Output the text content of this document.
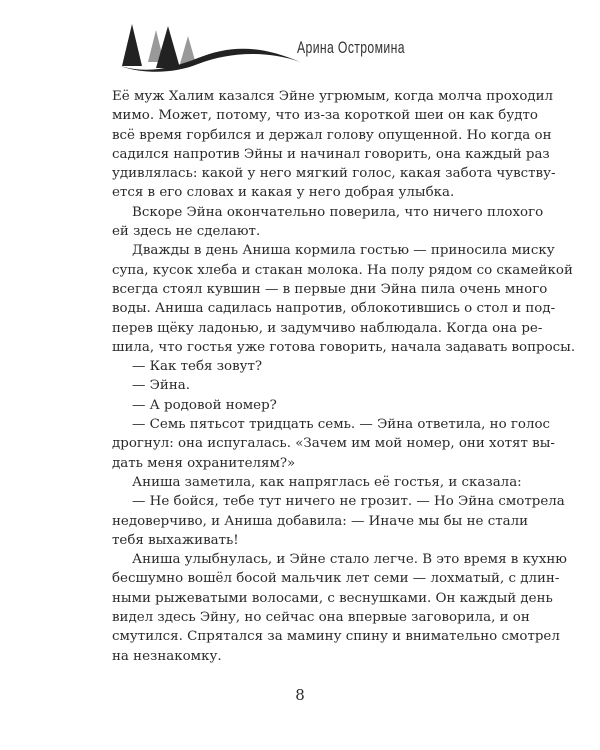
Арина Остромина
Её муж Халим казался Эйне угрюмым, когда молча проходил
мимо. Может, потому, что из-за короткой шеи он как будто
всё время горбился и держал голову опущенной. Но когда он
садился напротив Эйны и начинал говорить, она каждый раз
удивлялась: какой у него мягкий голос, какая забота чувству-
ется в его словах и какая у него добрая улыбка.
Вскоре Эйна окончательно поверила, что ничего плохого
ей здесь не сделают.
Дважды в день Аниша кормила гостью — приносила миску
супа, кусок хлеба и стакан молока. На полу рядом со скамейкой
всегда стоял кувшин — в первые дни Эйна пила очень много
воды. Аниша садилась напротив, облокотившись о стол и под-
перев щёку ладонью, и задумчиво наблюдала. Когда она ре-
шила, что гостья уже готова говорить, начала задавать вопросы.
— Как тебя зовут?
— Эйна.
— А родовой номер?
— Семь пятьсот тридцать семь. — Эйна ответила, но голос
дрогнул: она испугалась. «Зачем им мой номер, они хотят вы-
дать меня охранителям?»
Аниша заметила, как напряглась её гостья, и сказала:
— Не бойся, тебе тут ничего не грозит. — Но Эйна смотрела
недоверчиво, и Аниша добавила: — Иначе мы бы не стали
тебя выхаживать!
Аниша улыбнулась, и Эйне стало легче. В это время в кухню
бесшумно вошёл босой мальчик лет семи — лохматый, с длин-
ными рыжеватыми волосами, с веснушками. Он каждый день
видел здесь Эйну, но сейчас она впервые заговорила, и он
смутился. Спрятался за мамину спину и внимательно смотрел
на незнакомку.
8
